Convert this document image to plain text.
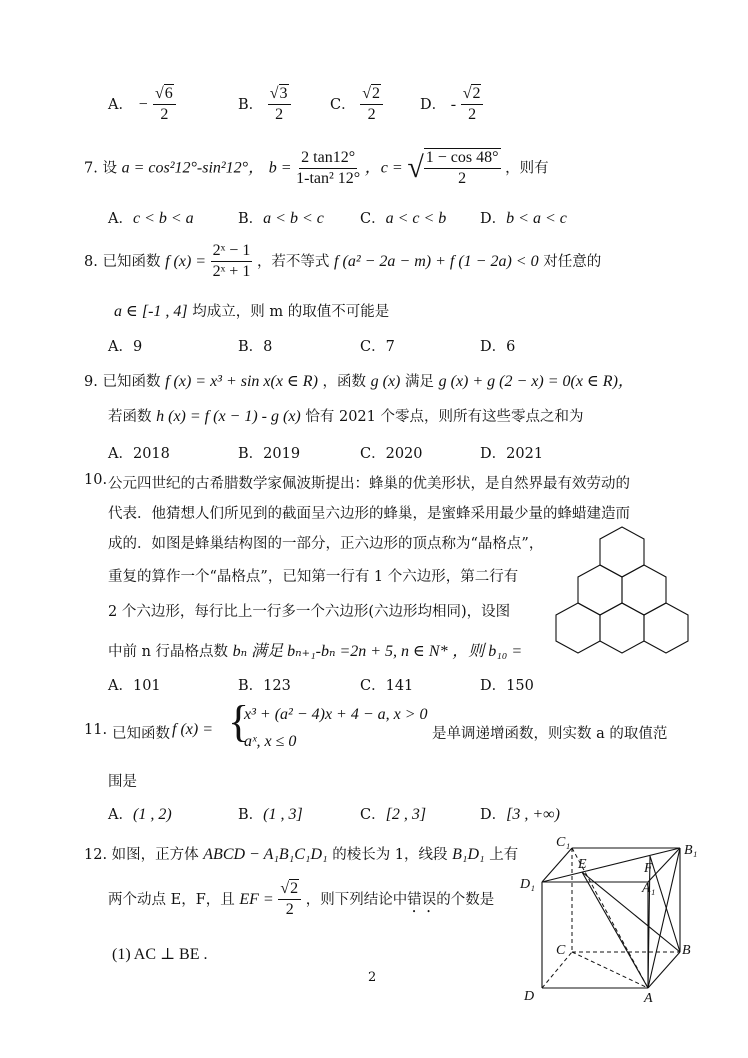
A． − $\frac{√6}{2}$	B． $\frac{√3}{2}$	C． $\frac{√2}{2}$	D． - $\frac{√2}{2}$
7. 设 a = cos²12°-sin²12°， $b = \frac{2 \tan 12^\circ}{\text{1-tan² 12°}}$ ，c = √ $\frac{1 - \cos 48^\circ}{2}$ ，则有
A．c < b < a	B．a < b < c C．a < c < b D．b < a < c
8. 已知函数 f $(x) = \frac{\text{2ˣ − 1}}{\text{2ˣ + 1}}$ ，若不等式 f (a² − 2a − m) + f (1 − 2a) < 0 对任意的
a ∈ [-1 , 4] 均成立，则 m 的取值不可能是
A．9	B．8	C．7	D．6
9. 已知函数 f (x) = x³ + sin x(x ∈ R) ，函数 g (x) 满足 g (x) + g (2 − x) = 0(x ∈ R)，
若函数 h (x) = f (x − 1) - g (x) 恰有 2021 个零点，则所有这些零点之和为
A．2018	B．2019	C．2020	D．2021
10. 公元四世纪的古希腊数学家佩波斯提出：蜂巢的优美形状，是自然界最有效劳动的
代表．他猜想人们所见到的截面呈六边形的蜂巢，是蜜蜂采用最少量的蜂蜡建造而
成的．如图是蜂巢结构图的一部分，正六边形的顶点称为“晶格点”，
重复的算作一个“晶格点”，已知第一行有 1 个六边形，第二行有
2 个六边形，每行比上一行多一个六边形(六边形均相同)，设图
中前 n 行晶格点数 bₙ 满足 bₙ₊₁-bₙ =2n + 5, n ∈ N* ，则 b₁₀ =
A．101	B．123	C．141	D．150
11. 已知函数 f (x) = {
x³ + (a² − 4)x + 4 − a, x > 0
aˣ, x ≤ 0	是单调递增函数，则实数 a 的取值范
围是
A．(1 , 2)	B．(1 , 3]	C．[2 , 3]	D．[3 , +∞)
12. 如图，正方体 ABCD − A₁B₁C₁D₁ 的棱长为 1，线段 B₁D₁ 上有
两个动点 E，F，且 EF = $\frac{√2}{2}$ ，则下列结论中错误的个数是
(1) AC ⊥ BE .
C₁
B₁
D₁
E	F
A₁
C	B
D	A
2
